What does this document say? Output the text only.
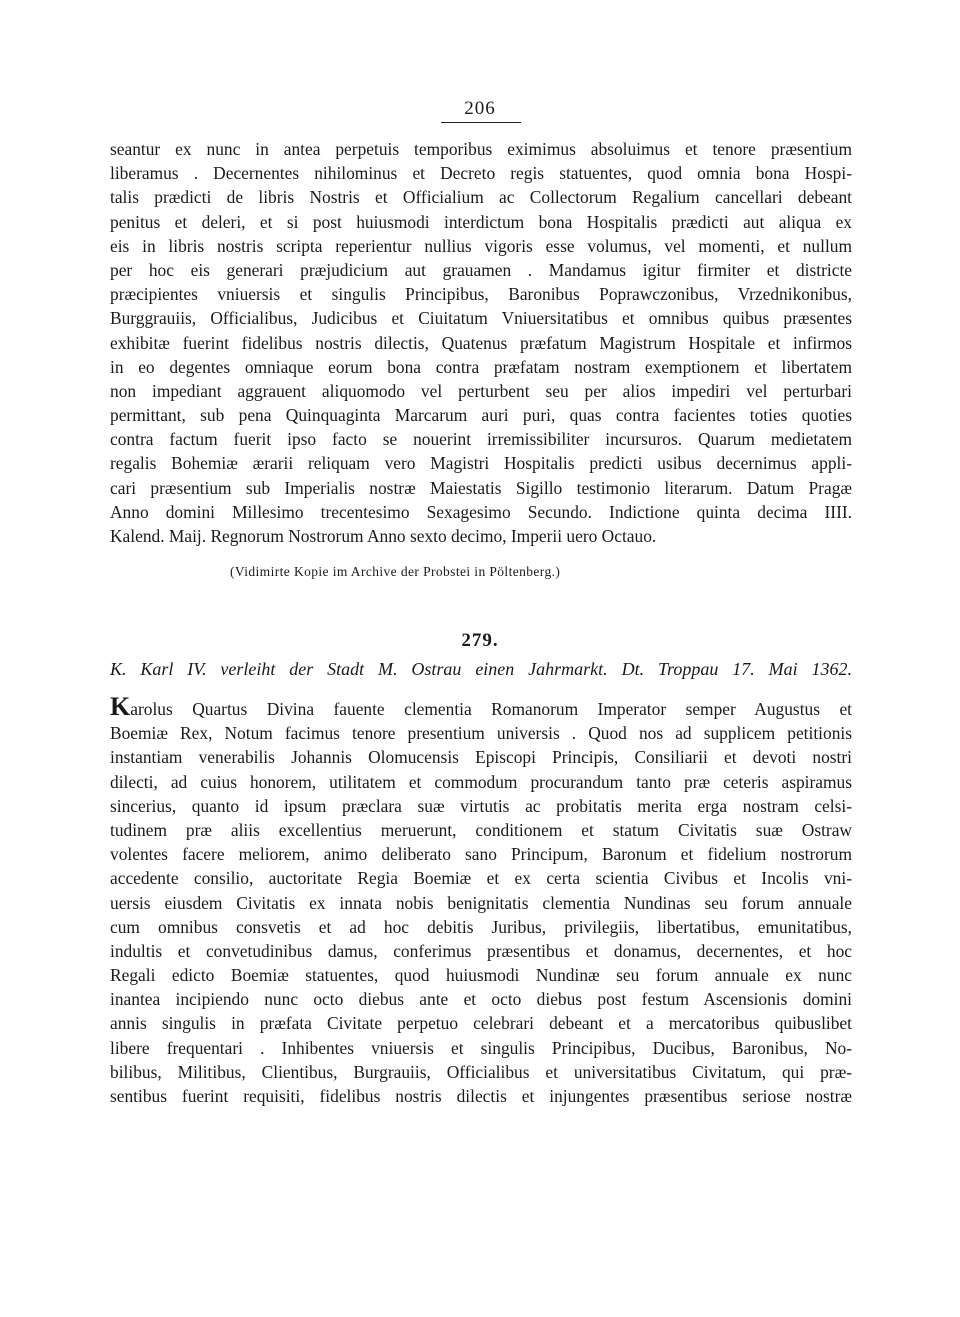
206
seantur ex nunc in antea perpetuis temporibus eximimus absoluimus et tenore præsentium
liberamus . Decernentes nihilominus et Decreto regis statuentes, quod omnia bona Hospi-
talis prædicti de libris Nostris et Officialium ac Collectorum Regalium cancellari debeant
penitus et deleri, et si post huiusmodi interdictum bona Hospitalis prædicti aut aliqua ex
eis in libris nostris scripta reperientur nullius vigoris esse volumus, vel momenti, et nullum
per hoc eis generari præjudicium aut grauamen . Mandamus igitur firmiter et districte
præcipientes vniuersis et singulis Principibus, Baronibus Poprawczonibus, Vrzednikonibus,
Burggrauiis, Officialibus, Judicibus et Ciuitatum Vniuersitatibus et omnibus quibus præsentes
exhibitæ fuerint fidelibus nostris dilectis, Quatenus præfatum Magistrum Hospitale et infirmos
in eo degentes omniaque eorum bona contra præfatam nostram exemptionem et libertatem
non impediant aggrauent aliquomodo vel perturbent seu per alios impediri vel perturbari
permittant, sub pena Quinquaginta Marcarum auri puri, quas contra facientes toties quoties
contra factum fuerit ipso facto se nouerint irremissibiliter incursuros. Quarum medietatem
regalis Bohemiæ ærarii reliquam vero Magistri Hospitalis predicti usibus decernimus appli-
cari præsentium sub Imperialis nostræ Maiestatis Sigillo testimonio literarum. Datum Pragæ
Anno domini Millesimo trecentesimo Sexagesimo Secundo. Indictione quinta decima IIII.
Kalend. Maij. Regnorum Nostrorum Anno sexto decimo, Imperii uero Octauo.
(Vidimirte Kopie im Archive der Probstei in Pöltenberg.)
279.
K. Karl IV. verleiht der Stadt M. Ostrau einen Jahrmarkt. Dt. Troppau 17. Mai 1362.
Karolus Quartus Divina fauente clementia Romanorum Imperator semper Augustus et
Boemiæ Rex, Notum facimus tenore presentium universis . Quod nos ad supplicem petitionis
instantiam venerabilis Johannis Olomucensis Episcopi Principis, Consiliarii et devoti nostri
dilecti, ad cuius honorem, utilitatem et commodum procurandum tanto præ ceteris aspiramus
sincerius, quanto id ipsum præclara suæ virtutis ac probitatis merita erga nostram celsi-
tudinem præ aliis excellentius meruerunt, conditionem et statum Civitatis suæ Ostraw
volentes facere meliorem, animo deliberato sano Principum, Baronum et fidelium nostrorum
accedente consilio, auctoritate Regia Boemiæ et ex certa scientia Civibus et Incolis vni-
uersis eiusdem Civitatis ex innata nobis benignitatis clementia Nundinas seu forum annuale
cum omnibus consvetis et ad hoc debitis Juribus, privilegiis, libertatibus, emunitatibus,
indultis et convetudinibus damus, conferimus præsentibus et donamus, decernentes, et hoc
Regali edicto Boemiæ statuentes, quod huiusmodi Nundinæ seu forum annuale ex nunc
inantea incipiendo nunc octo diebus ante et octo diebus post festum Ascensionis domini
annis singulis in præfata Civitate perpetuo celebrari debeant et a mercatoribus quibuslibet
libere frequentari . Inhibentes vniuersis et singulis Principibus, Ducibus, Baronibus, No-
bilibus, Militibus, Clientibus, Burgrauiis, Officialibus et universitatibus Civitatum, qui præ-
sentibus fuerint requisiti, fidelibus nostris dilectis et injungentes præsentibus seriose nostræ
